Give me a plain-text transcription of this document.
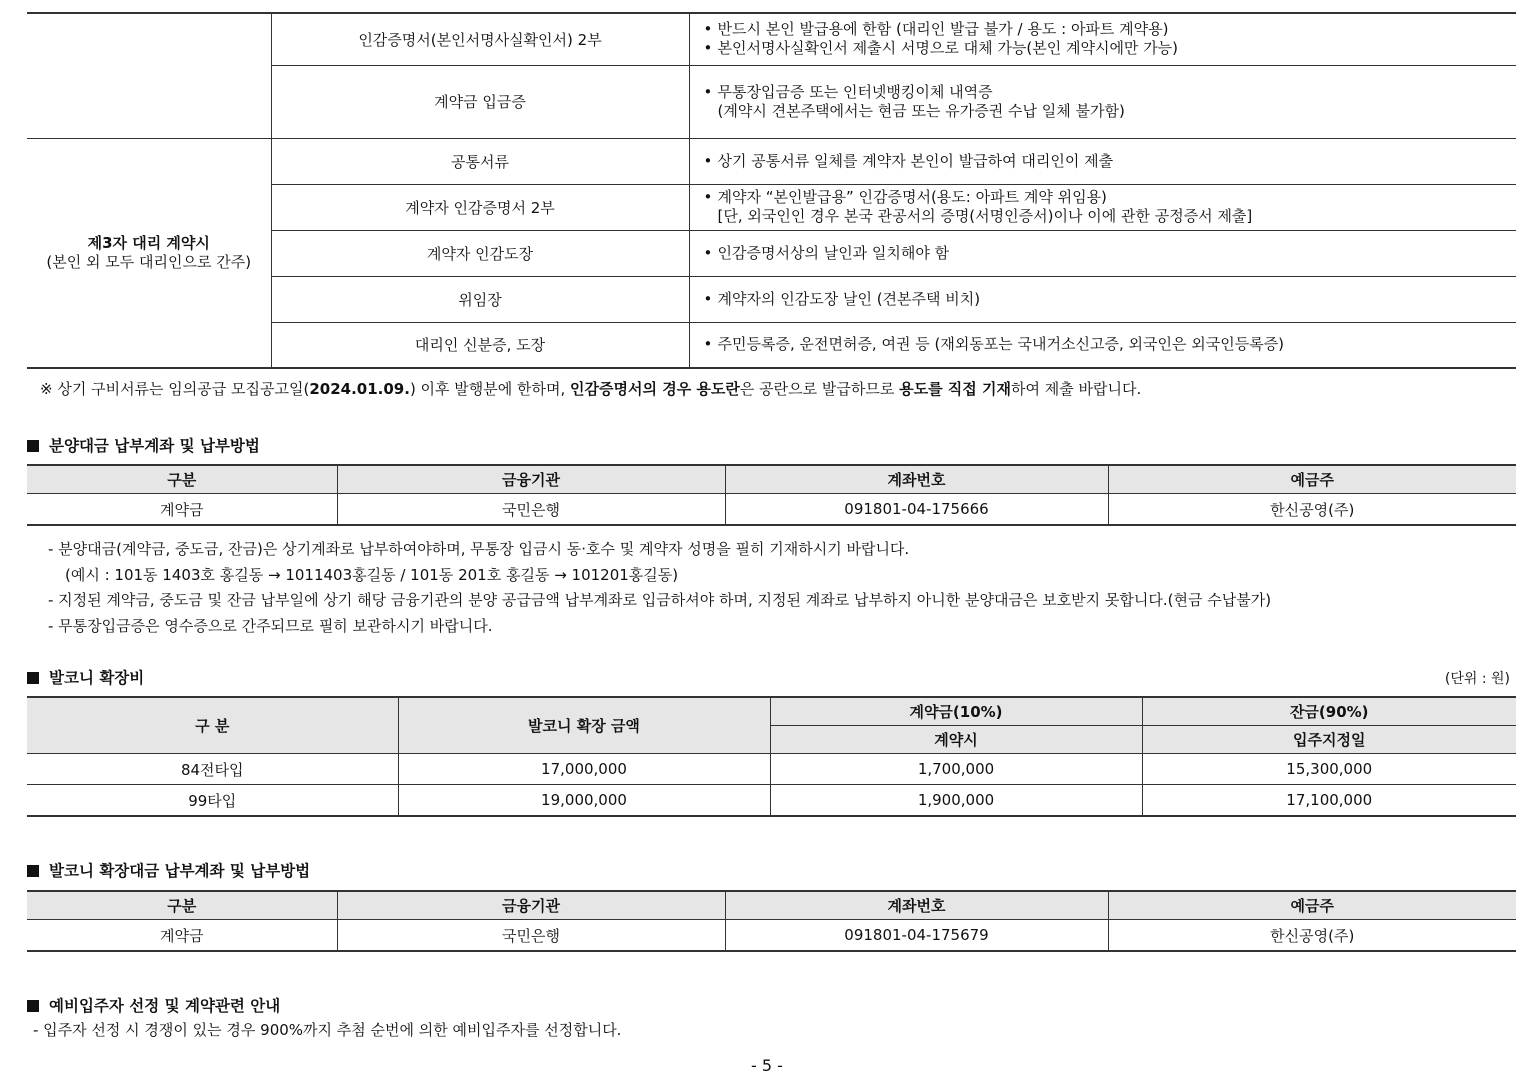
	인감증명서(본인서명사실확인서) 2부	• 반드시 본인 발급용에 한함 (대리인 발급 불가 / 용도 : 아파트 계약용)
• 본인서명사실확인서 제출시 서명으로 대체 가능(본인 계약시에만 가능)

	계약금 입금증	• 무통장입금증 또는 인터넷뱅킹이체 내역증
(계약시 견본주택에서는 현금 또는 유가증권 수납 일체 불가함)

제3자 대리 계약시
(본인 외 모두 대리인으로 간주)	공통서류	• 상기 공통서류 일체를 계약자 본인이 발급하여 대리인이 제출

	계약자 인감증명서 2부	• 계약자 “본인발급용” 인감증명서(용도: 아파트 계약 위임용)
[단, 외국인인 경우 본국 관공서의 증명(서명인증서)이나 이에 관한 공정증서 제출]

	계약자 인감도장	• 인감증명서상의 날인과 일치해야 함

	위임장	• 계약자의 인감도장 날인 (견본주택 비치)

	대리인 신분증, 도장	• 주민등록증, 운전면허증, 여권 등 (재외동포는 국내거소신고증, 외국인은 외국인등록증)
※ 상기 구비서류는 임의공급 모집공고일(2024.01.09.) 이후 발행분에 한하며, 인감증명서의 경우 용도란은 공란으로 발급하므로 용도를 직접 기재하여 제출 바랍니다.
분양대금 납부계좌 및 납부방법
구분	금융기관	계좌번호	예금주
계약금	국민은행	091801-04-175666	한신공영(주)
- 분양대금(계약금, 중도금, 잔금)은 상기계좌로 납부하여야하며, 무통장 입금시 동·호수 및 계약자 성명을 필히 기재하시기 바랍니다.
(예시 : 101동 1403호 홍길동 → 1011403홍길동 / 101동 201호 홍길동 → 101201홍길동)
- 지정된 계약금, 중도금 및 잔금 납부일에 상기 해당 금융기관의 분양 공급금액 납부계좌로 입금하셔야 하며, 지정된 계좌로 납부하지 아니한 분양대금은 보호받지 못합니다.(현금 수납불가)
- 무통장입금증은 영수증으로 간주되므로 필히 보관하시기 바랍니다.
발코니 확장비	(단위 : 원)
구 분	발코니 확장 금액	계약금(10%)	잔금(90%)
		계약시	입주지정일
84전타입	17,000,000	1,700,000	15,300,000
99타입	19,000,000	1,900,000	17,100,000
발코니 확장대금 납부계좌 및 납부방법
구분	금융기관	계좌번호	예금주
계약금	국민은행	091801-04-175679	한신공영(주)
예비입주자 선정 및 계약관련 안내
- 입주자 선정 시 경쟁이 있는 경우 900%까지 추첨 순번에 의한 예비입주자를 선정합니다.
- 5 -
